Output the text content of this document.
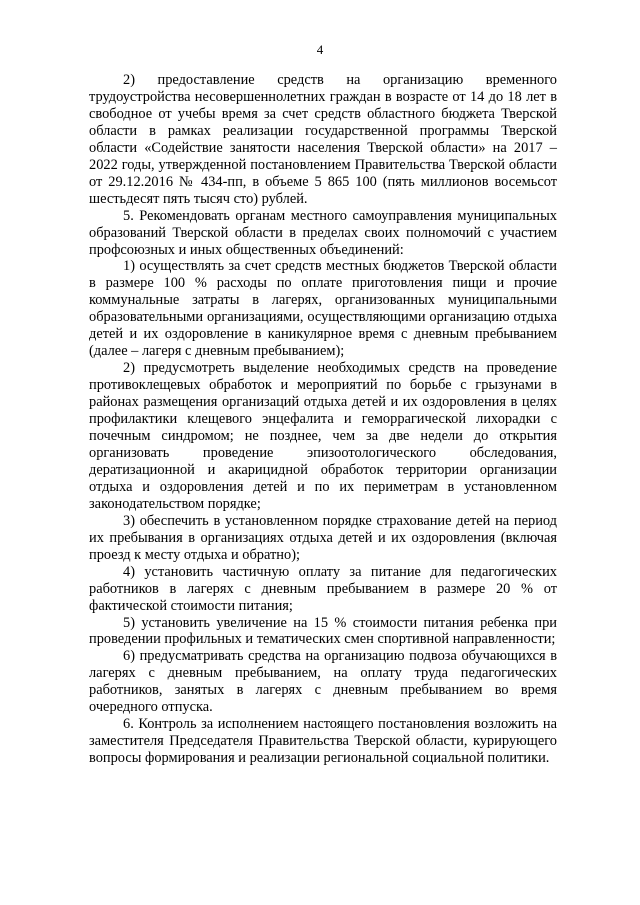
4

2) предоставление средств на организацию временного трудоустройства несовершеннолетних граждан в возрасте от 14 до 18 лет в свободное от учебы время за счет средств областного бюджета Тверской области в рамках реализации государственной программы Тверской области «Содействие занятости населения Тверской области» на 2017 – 2022 годы, утвержденной постановлением Правительства Тверской области от 29.12.2016 № 434-пп, в объеме 5 865 100 (пять миллионов восемьсот шестьдесят пять тысяч сто) рублей.

5. Рекомендовать органам местного самоуправления муниципальных образований Тверской области в пределах своих полномочий с участием профсоюзных и иных общественных объединений:

1) осуществлять за счет средств местных бюджетов Тверской области в размере 100 % расходы по оплате приготовления пищи и прочие коммунальные затраты в лагерях, организованных муниципальными образовательными организациями, осуществляющими организацию отдыха детей и их оздоровление в каникулярное время с дневным пребыванием (далее – лагеря с дневным пребыванием);

2) предусмотреть выделение необходимых средств на проведение противоклещевых обработок и мероприятий по борьбе с грызунами в районах размещения организаций отдыха детей и их оздоровления в целях профилактики клещевого энцефалита и геморрагической лихорадки с почечным синдромом; не позднее, чем за две недели до открытия организовать проведение эпизоотологического обследования, дератизационной и акарицидной обработок территории организации отдыха и оздоровления детей и по их периметрам в установленном законодательством порядке;

3) обеспечить в установленном порядке страхование детей на период их пребывания в организациях отдыха детей и их оздоровления (включая проезд к месту отдыха и обратно);

4) установить частичную оплату за питание для педагогических работников в лагерях с дневным пребыванием в размере 20 % от фактической стоимости питания;

5) установить увеличение на 15 % стоимости питания ребенка при проведении профильных и тематических смен спортивной направленности;

6) предусматривать средства на организацию подвоза обучающихся в лагерях с дневным пребыванием, на оплату труда педагогических работников, занятых в лагерях с дневным пребыванием во время очередного отпуска.

6. Контроль за исполнением настоящего постановления возложить на заместителя Председателя Правительства Тверской области, курирующего вопросы формирования и реализации региональной социальной политики.
